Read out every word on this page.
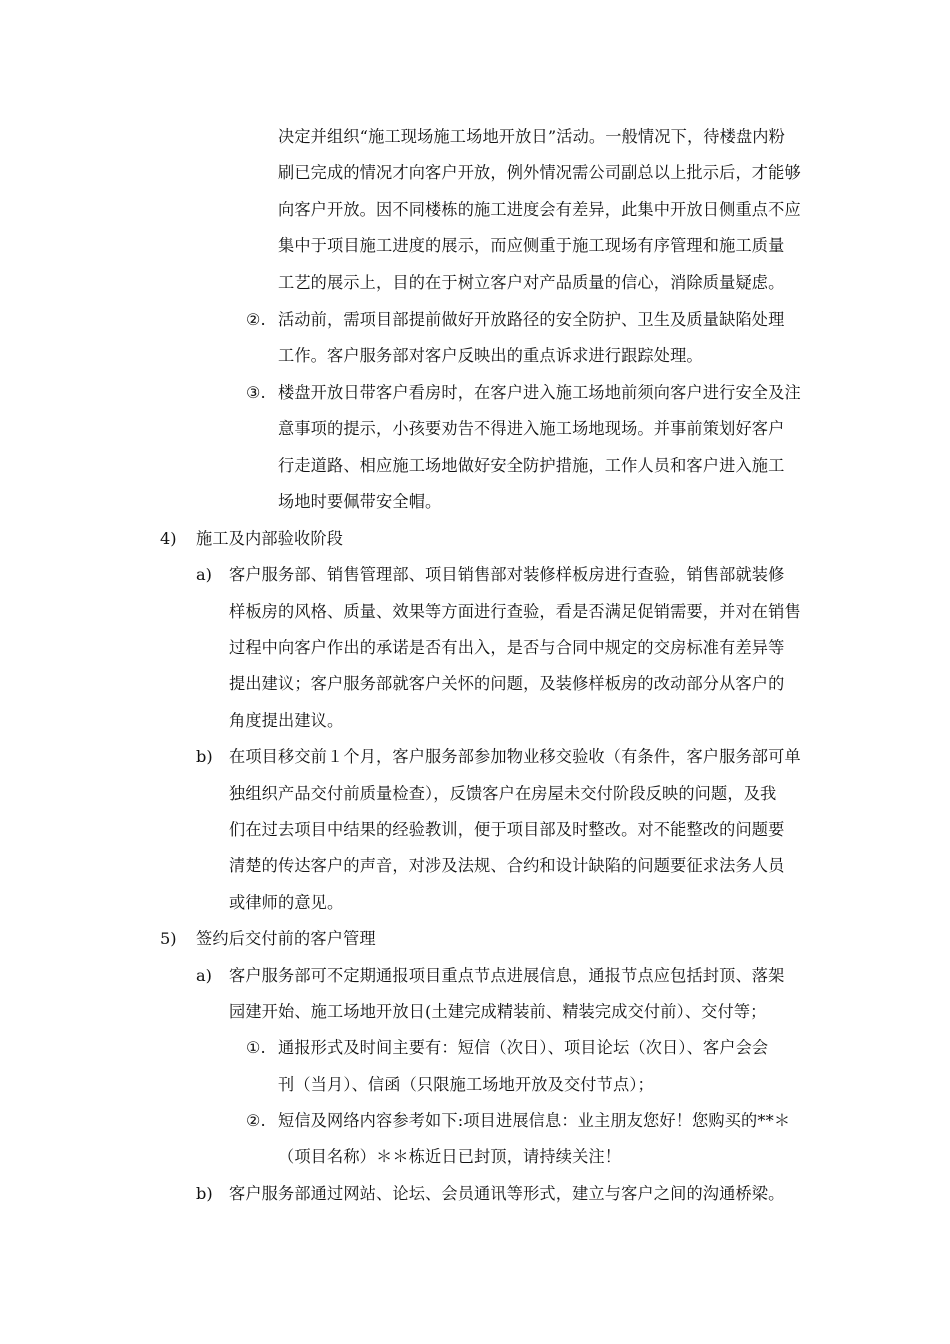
决定并组织“施工现场施工场地开放日”活动。一般情况下，待楼盘内粉
刷已完成的情况才向客户开放，例外情况需公司副总以上批示后，才能够
向客户开放。因不同楼栋的施工进度会有差异，此集中开放日侧重点不应
集中于项目施工进度的展示，而应侧重于施工现场有序管理和施工质量
工艺的展示上，目的在于树立客户对产品质量的信心，消除质量疑虑。
②. 活动前，需项目部提前做好开放路径的安全防护、卫生及质量缺陷处理
工作。客户服务部对客户反映出的重点诉求进行跟踪处理。
③. 楼盘开放日带客户看房时，在客户进入施工场地前须向客户进行安全及注
意事项的提示，小孩要劝告不得进入施工场地现场。并事前策划好客户
行走道路、相应施工场地做好安全防护措施，工作人员和客户进入施工
场地时要佩带安全帽。
4) 施工及内部验收阶段
a) 客户服务部、销售管理部、项目销售部对装修样板房进行查验，销售部就装修
样板房的风格、质量、效果等方面进行查验，看是否满足促销需要，并对在销售
过程中向客户作出的承诺是否有出入，是否与合同中规定的交房标准有差异等
提出建议；客户服务部就客户关怀的问题，及装修样板房的改动部分从客户的
角度提出建议。
b) 在项目移交前１个月，客户服务部参加物业移交验收（有条件，客户服务部可单
独组织产品交付前质量检查），反馈客户在房屋未交付阶段反映的问题，及我
们在过去项目中结果的经验教训，便于项目部及时整改。对不能整改的问题要
清楚的传达客户的声音，对涉及法规、合约和设计缺陷的问题要征求法务人员
或律师的意见。
5) 签约后交付前的客户管理
a) 客户服务部可不定期通报项目重点节点进展信息，通报节点应包括封顶、落架
园建开始、施工场地开放日(土建完成精装前、精装完成交付前）、交付等；
①. 通报形式及时间主要有：短信（次日）、项目论坛（次日）、客户会会
刊（当月）、信函（只限施工场地开放及交付节点）；
②. 短信及网络内容参考如下:项目进展信息：业主朋友您好！您购买的**＊
（项目名称）＊＊栋近日已封顶，请持续关注！
b) 客户服务部通过网站、论坛、会员通讯等形式，建立与客户之间的沟通桥梁。
